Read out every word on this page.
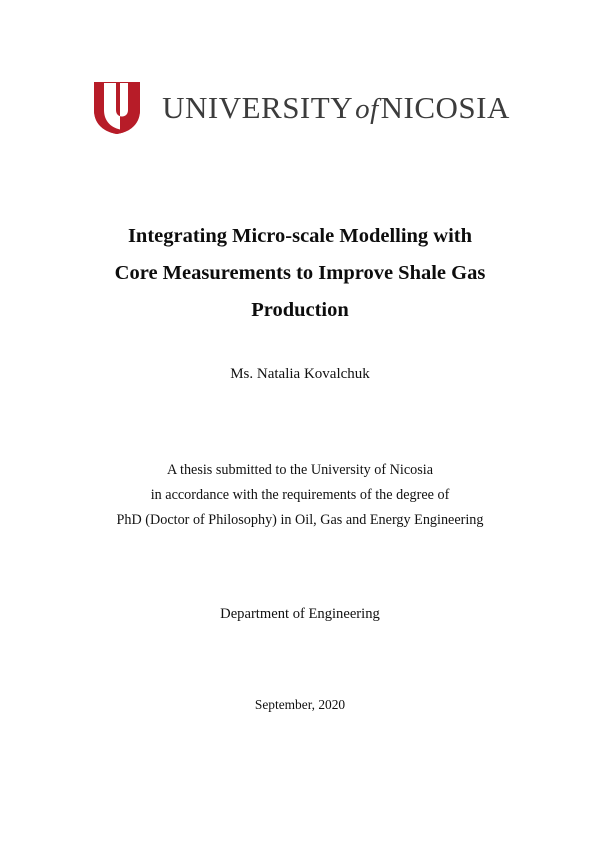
UNIVERSITYofNICOSIA
Integrating Micro-scale Modelling with
Core Measurements to Improve Shale Gas
Production
Ms. Natalia Kovalchuk
A thesis submitted to the University of Nicosia
in accordance with the requirements of the degree of
PhD (Doctor of Philosophy) in Oil, Gas and Energy Engineering
Department of Engineering
September, 2020
